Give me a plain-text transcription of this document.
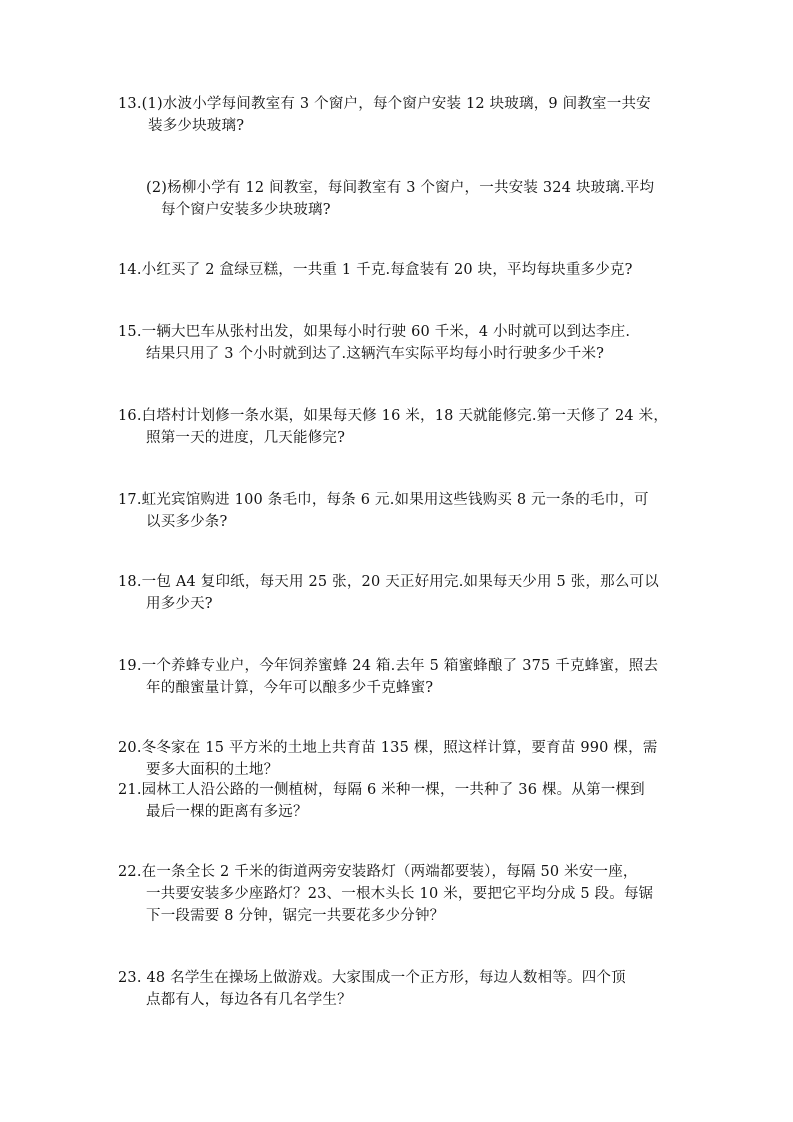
13.(1)水波小学每间教室有 3 个窗户，每个窗户安装 12 块玻璃，9 间教室一共安
装多少块玻璃?
(2)杨柳小学有 12 间教室，每间教室有 3 个窗户，一共安装 324 块玻璃.平均
每个窗户安装多少块玻璃?
14.小红买了 2 盒绿豆糕，一共重 1 千克.每盒装有 20 块，平均每块重多少克?
15.一辆大巴车从张村出发，如果每小时行驶 60 千米，4 小时就可以到达李庄.
结果只用了 3 个小时就到达了.这辆汽车实际平均每小时行驶多少千米?
16.白塔村计划修一条水渠，如果每天修 16 米，18 天就能修完.第一天修了 24 米，
照第一天的进度，几天能修完?
17.虹光宾馆购进 100 条毛巾，每条 6 元.如果用这些钱购买 8 元一条的毛巾，可
以买多少条?
18.一包 A4 复印纸，每天用 25 张，20 天正好用完.如果每天少用 5 张，那么可以
用多少天?
19.一个养蜂专业户，今年饲养蜜蜂 24 箱.去年 5 箱蜜蜂酿了 375 千克蜂蜜，照去
年的酿蜜量计算，今年可以酿多少千克蜂蜜?
20.冬冬家在 15 平方米的土地上共育苗 135 棵，照这样计算，要育苗 990 棵，需
要多大面积的土地？
21.园林工人沿公路的一侧植树，每隔 6 米种一棵，一共种了 36 棵。从第一棵到
最后一棵的距离有多远？
22.在一条全长 2 千米的街道两旁安装路灯（两端都要装），每隔 50 米安一座，
一共要安装多少座路灯？23、一根木头长 10 米，要把它平均分成 5 段。每锯
下一段需要 8 分钟，锯完一共要花多少分钟？
23. 48 名学生在操场上做游戏。大家围成一个正方形，每边人数相等。四个顶
点都有人，每边各有几名学生？
